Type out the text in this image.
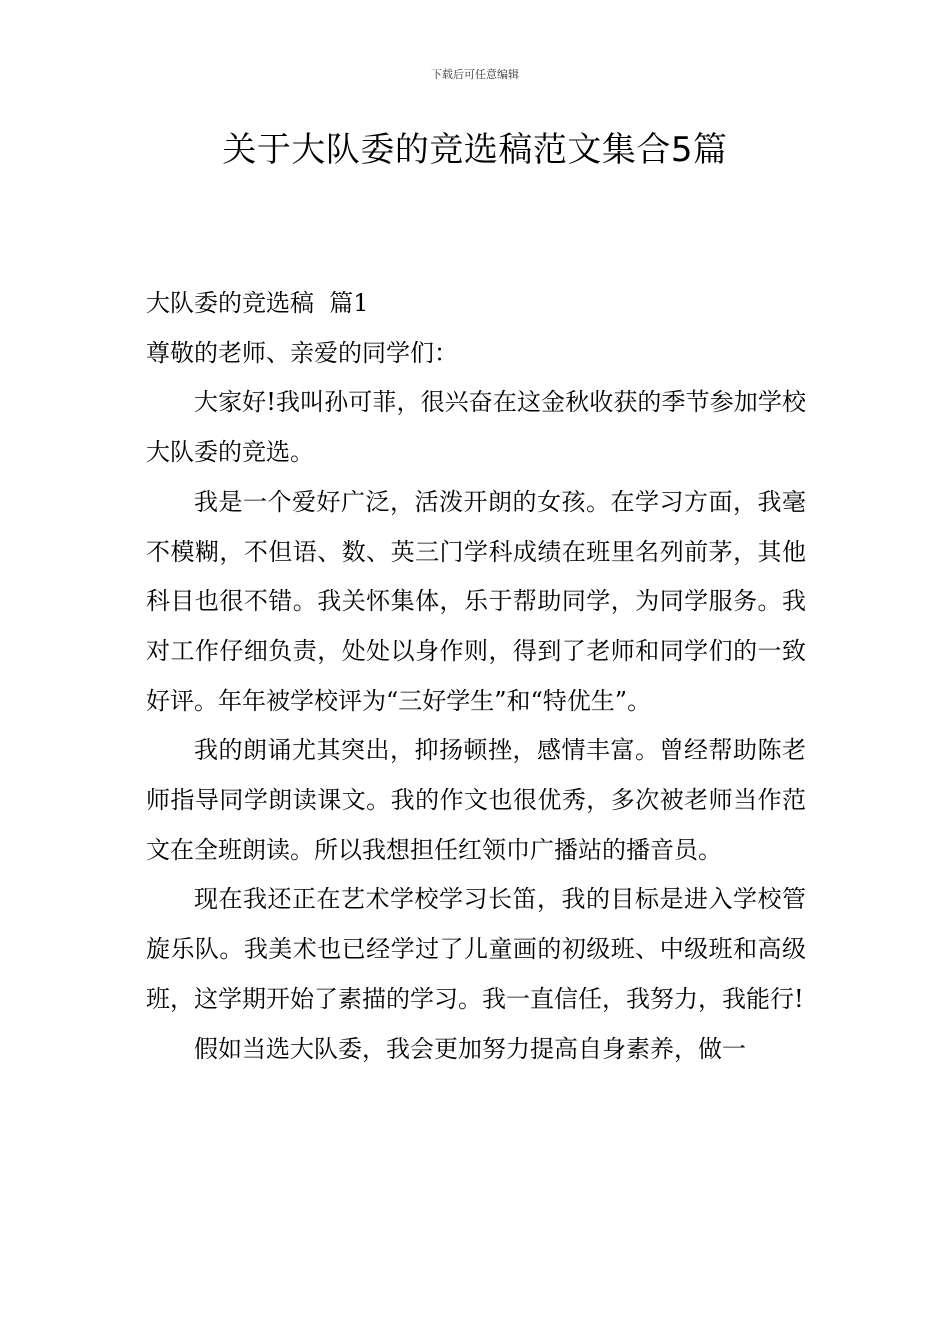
下载后可任意编辑
关于大队委的竞选稿范文集合5篇

大队委的竞选稿  篇1

尊敬的老师、亲爱的同学们：

大家好!我叫孙可菲，很兴奋在这金秋收获的季节参加学校大队委的竞选。

我是一个爱好广泛，活泼开朗的女孩。在学习方面，我毫不模糊，不但语、数、英三门学科成绩在班里名列前茅，其他科目也很不错。我关怀集体，乐于帮助同学，为同学服务。我对工作仔细负责，处处以身作则，得到了老师和同学们的一致好评。年年被学校评为“三好学生”和“特优生”。

我的朗诵尤其突出，抑扬顿挫，感情丰富。曾经帮助陈老师指导同学朗读课文。我的作文也很优秀，多次被老师当作范文在全班朗读。所以我想担任红领巾广播站的播音员。

现在我还正在艺术学校学习长笛，我的目标是进入学校管旋乐队。我美术也已经学过了儿童画的初级班、中级班和高级班，这学期开始了素描的学习。我一直信任，我努力，我能行!

假如当选大队委，我会更加努力提高自身素养，做一
